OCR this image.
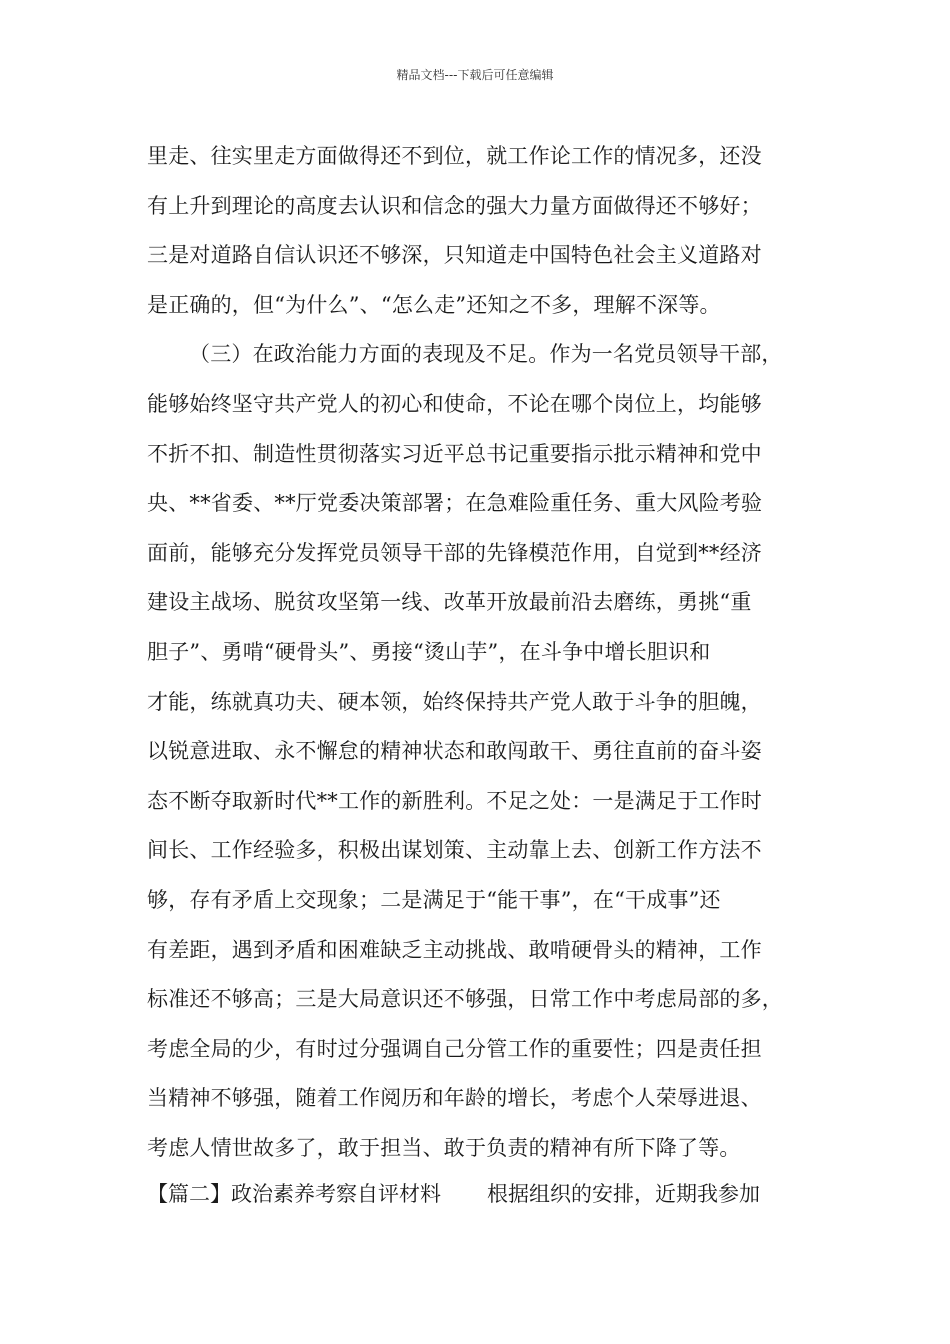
精品文档---下载后可任意编辑
里走、往实里走方面做得还不到位，就工作论工作的情况多，还没
有上升到理论的高度去认识和信念的强大力量方面做得还不够好；
三是对道路自信认识还不够深，只知道走中国特色社会主义道路对
是正确的，但“为什么”、“怎么走”还知之不多，理解不深等。
（三）在政治能力方面的表现及不足。作为一名党员领导干部，
能够始终坚守共产党人的初心和使命，不论在哪个岗位上，均能够
不折不扣、制造性贯彻落实习近平总书记重要指示批示精神和党中
央、**省委、**厅党委决策部署；在急难险重任务、重大风险考验
面前，能够充分发挥党员领导干部的先锋模范作用，自觉到**经济
建设主战场、脱贫攻坚第一线、改革开放最前沿去磨练，勇挑“重
胆子”、勇啃“硬骨头”、勇接“烫山芋”，在斗争中增长胆识和
才能，练就真功夫、硬本领，始终保持共产党人敢于斗争的胆魄，
以锐意进取、永不懈怠的精神状态和敢闯敢干、勇往直前的奋斗姿
态不断夺取新时代**工作的新胜利。不足之处：一是满足于工作时
间长、工作经验多，积极出谋划策、主动靠上去、创新工作方法不
够，存有矛盾上交现象；二是满足于“能干事”，在“干成事”还
有差距，遇到矛盾和困难缺乏主动挑战、敢啃硬骨头的精神，工作
标准还不够高；三是大局意识还不够强，日常工作中考虑局部的多，
考虑全局的少，有时过分强调自己分管工作的重要性；四是责任担
当精神不够强，随着工作阅历和年龄的增长，考虑个人荣辱进退、
考虑人情世故多了，敢于担当、敢于负责的精神有所下降了等。
【篇二】政治素养考察自评材料 根据组织的安排，近期我参加
